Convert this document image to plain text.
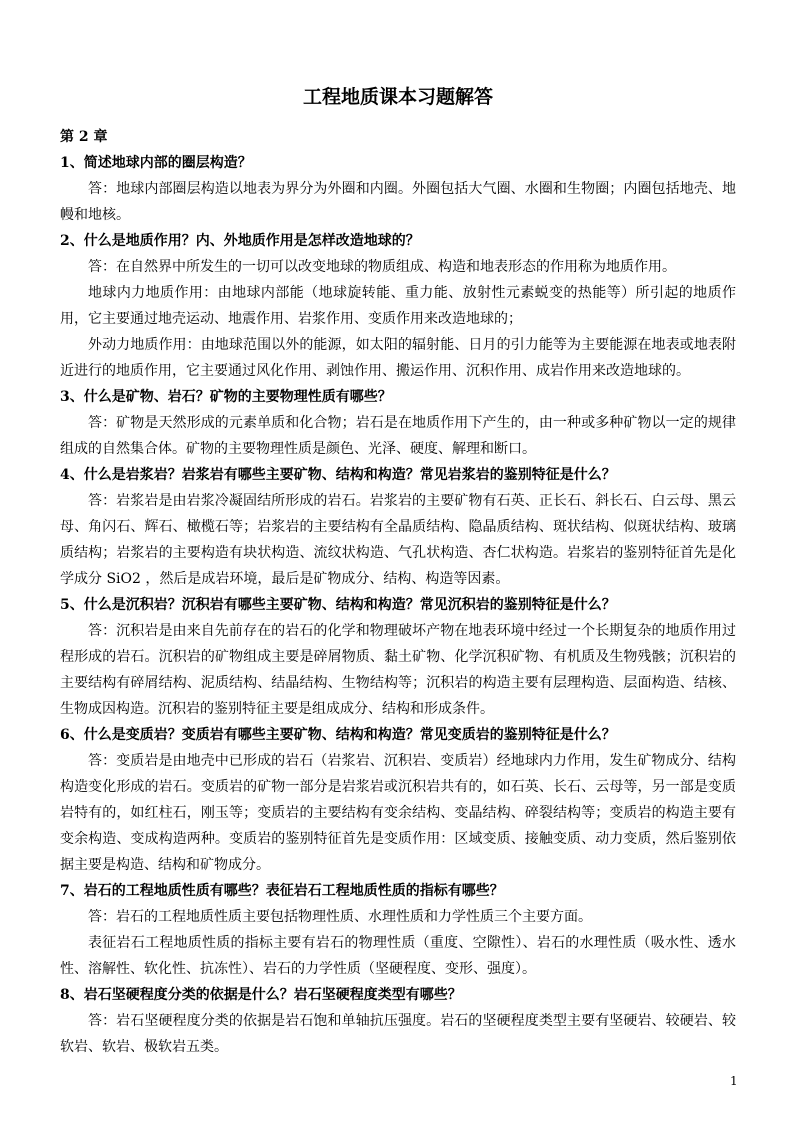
工程地质课本习题解答

第 2 章

1、简述地球内部的圈层构造？

答：地球内部圈层构造以地表为界分为外圈和内圈。外圈包括大气圈、水圈和生物圈；内圈包括地壳、地幔和地核。

2、什么是地质作用？内、外地质作用是怎样改造地球的？

答：在自然界中所发生的一切可以改变地球的物质组成、构造和地表形态的作用称为地质作用。

地球内力地质作用：由地球内部能（地球旋转能、重力能、放射性元素蜕变的热能等）所引起的地质作用，它主要通过地壳运动、地震作用、岩浆作用、变质作用来改造地球的；

外动力地质作用：由地球范围以外的能源，如太阳的辐射能、日月的引力能等为主要能源在地表或地表附近进行的地质作用，它主要通过风化作用、剥蚀作用、搬运作用、沉积作用、成岩作用来改造地球的。

3、什么是矿物、岩石？矿物的主要物理性质有哪些？

答：矿物是天然形成的元素单质和化合物；岩石是在地质作用下产生的，由一种或多种矿物以一定的规律组成的自然集合体。矿物的主要物理性质是颜色、光泽、硬度、解理和断口。

4、什么是岩浆岩？岩浆岩有哪些主要矿物、结构和构造？常见岩浆岩的鉴别特征是什么？

答：岩浆岩是由岩浆冷凝固结所形成的岩石。岩浆岩的主要矿物有石英、正长石、斜长石、白云母、黑云母、角闪石、辉石、橄榄石等；岩浆岩的主要结构有全晶质结构、隐晶质结构、斑状结构、似斑状结构、玻璃质结构；岩浆岩的主要构造有块状构造、流纹状构造、气孔状构造、杏仁状构造。岩浆岩的鉴别特征首先是化学成分 SiO2 ，然后是成岩环境，最后是矿物成分、结构、构造等因素。

5、什么是沉积岩？沉积岩有哪些主要矿物、结构和构造？常见沉积岩的鉴别特征是什么？

答：沉积岩是由来自先前存在的岩石的化学和物理破坏产物在地表环境中经过一个长期复杂的地质作用过程形成的岩石。沉积岩的矿物组成主要是碎屑物质、黏土矿物、化学沉积矿物、有机质及生物残骸；沉积岩的主要结构有碎屑结构、泥质结构、结晶结构、生物结构等；沉积岩的构造主要有层理构造、层面构造、结核、生物成因构造。沉积岩的鉴别特征主要是组成成分、结构和形成条件。

6、什么是变质岩？变质岩有哪些主要矿物、结构和构造？常见变质岩的鉴别特征是什么？

答：变质岩是由地壳中已形成的岩石（岩浆岩、沉积岩、变质岩）经地球内力作用，发生矿物成分、结构构造变化形成的岩石。变质岩的矿物一部分是岩浆岩或沉积岩共有的，如石英、长石、云母等，另一部是变质岩特有的，如红柱石，刚玉等；变质岩的主要结构有变余结构、变晶结构、碎裂结构等；变质岩的构造主要有变余构造、变成构造两种。变质岩的鉴别特征首先是变质作用：区域变质、接触变质、动力变质，然后鉴别依据主要是构造、结构和矿物成分。

7、岩石的工程地质性质有哪些？表征岩石工程地质性质的指标有哪些？

答：岩石的工程地质性质主要包括物理性质、水理性质和力学性质三个主要方面。

表征岩石工程地质性质的指标主要有岩石的物理性质（重度、空隙性）、岩石的水理性质（吸水性、透水性、溶解性、软化性、抗冻性）、岩石的力学性质（坚硬程度、变形、强度）。

8、岩石坚硬程度分类的依据是什么？岩石坚硬程度类型有哪些？

答：岩石坚硬程度分类的依据是岩石饱和单轴抗压强度。岩石的坚硬程度类型主要有坚硬岩、较硬岩、较软岩、软岩、极软岩五类。

1
